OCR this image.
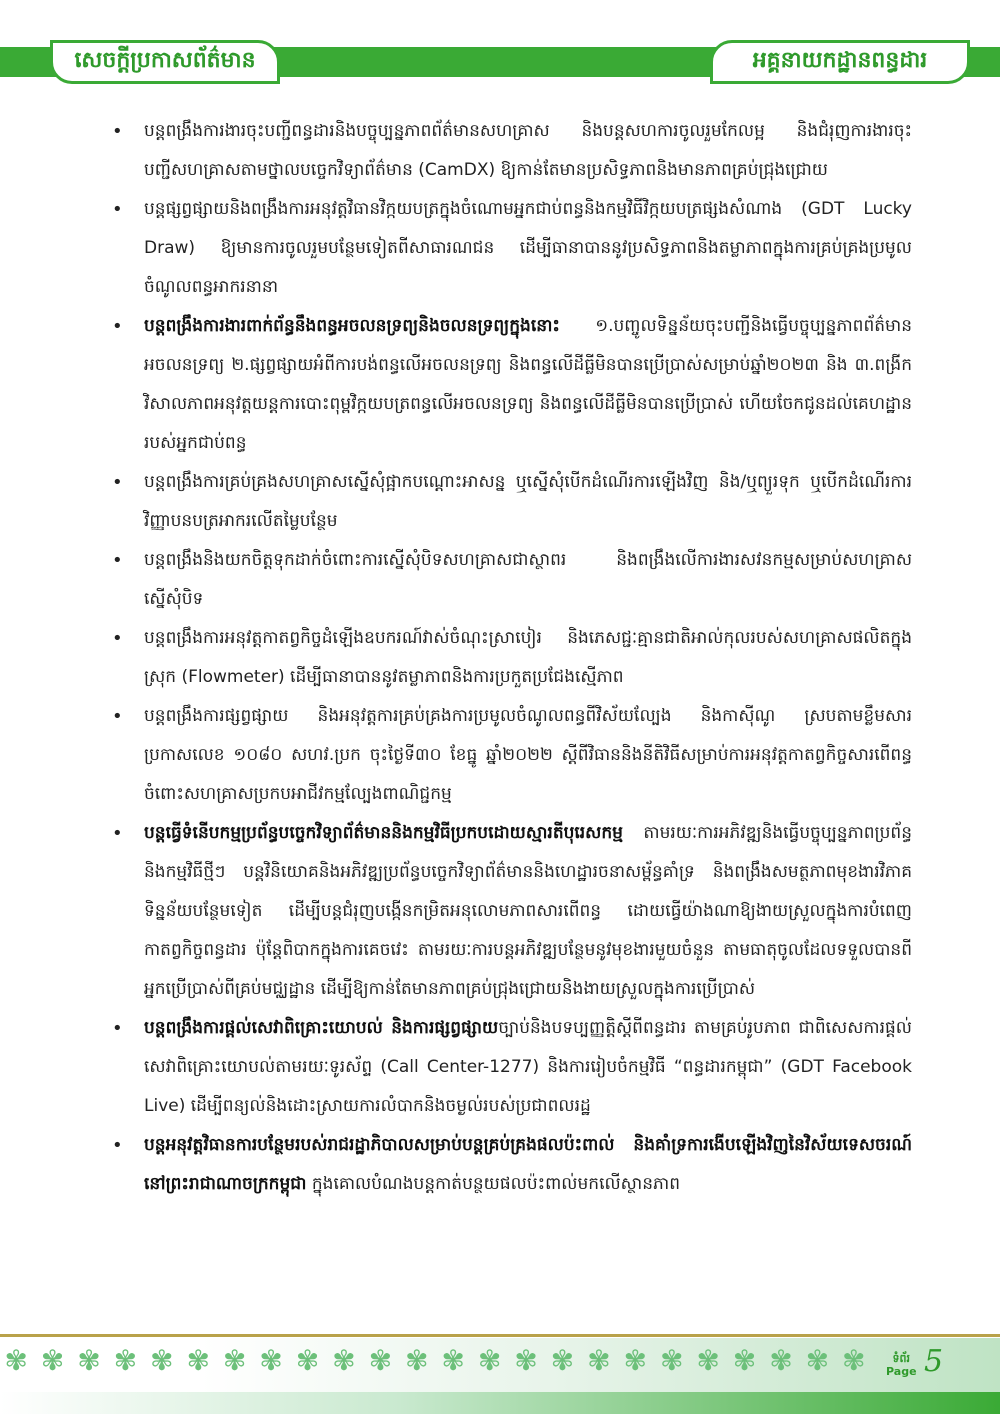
សេចក្តីប្រកាសព័ត៌មាន	អគ្គនាយកដ្ឋានពន្ធដារ
• បន្តពង្រឹងការងារចុះបញ្ជីពន្ធដារនិងបច្ចុប្បន្នភាពព័ត៌មានសហគ្រាស និងបន្តសហការចូលរួមកែលម្អ និងជំរុញការងារចុះបញ្ជីសហគ្រាសតាមថ្នាលបច្ចេកវិទ្យាព័ត៌មាន (CamDX) ឱ្យកាន់តែមានប្រសិទ្ធភាពនិងមានភាពគ្រប់ជ្រុងជ្រោយ
• បន្តផ្សព្វផ្សាយនិងពង្រឹងការអនុវត្តវិធានវិក្កយបត្រក្នុងចំណោមអ្នកជាប់ពន្ធនិងកម្មវិធីវិក្កយបត្រផ្សងសំណាង (GDT Lucky Draw) ឱ្យមានការចូលរួមបន្ថែមទៀតពីសាធារណជន ដើម្បីធានាបាននូវប្រសិទ្ធភាពនិងតម្លាភាពក្នុងការគ្រប់គ្រងប្រមូលចំណូលពន្ធអាករនានា
• បន្តពង្រឹងការងារពាក់ព័ន្ធនឹងពន្ធអចលនទ្រព្យនិងចលនទ្រព្យក្នុងនោះ ១.បញ្ចូលទិន្នន័យចុះបញ្ជីនិងធ្វើបច្ចុប្បន្នភាពព័ត៌មានអចលនទ្រព្យ ២.ផ្សព្វផ្សាយអំពីការបង់ពន្ធលើអចលនទ្រព្យ និងពន្ធលើដីធ្លីមិនបានប្រើប្រាស់សម្រាប់ឆ្នាំ២០២៣ និង ៣.ពង្រីកវិសាលភាពអនុវត្តយន្តការបោះពុម្ពវិក្កយបត្រពន្ធលើអចលនទ្រព្យ និងពន្ធលើដីធ្លីមិនបានប្រើប្រាស់ ហើយចែកជូនដល់គេហដ្ឋានរបស់អ្នកជាប់ពន្ធ
• បន្តពង្រឹងការគ្រប់គ្រងសហគ្រាសស្នើសុំផ្អាកបណ្តោះអាសន្ន ឬស្នើសុំបើកដំណើរការឡើងវិញ និង/ឬព្យួរទុក ឬបើកដំណើរការវិញ្ញាបនបត្រអាករលើតម្លៃបន្ថែម
• បន្តពង្រឹងនិងយកចិត្តទុកដាក់ចំពោះការស្នើសុំបិទសហគ្រាសជាស្ថាពរ និងពង្រឹងលើការងារសវនកម្មសម្រាប់សហគ្រាសស្នើសុំបិទ
• បន្តពង្រឹងការអនុវត្តកាតព្វកិច្ចដំឡើងឧបករណ៍វាស់ចំណុះស្រាបៀរ និងភេសជ្ជៈគ្មានជាតិអាល់កុលរបស់សហគ្រាសផលិតក្នុងស្រុក (Flowmeter) ដើម្បីធានាបាននូវតម្លាភាពនិងការប្រកួតប្រជែងស្មើភាព
• បន្តពង្រឹងការផ្សព្វផ្សាយ និងអនុវត្តការគ្រប់គ្រងការប្រមូលចំណូលពន្ធពីវិស័យល្បែង និងកាស៊ីណូ ស្របតាមខ្លឹមសារប្រកាសលេខ ១០៨០ សហវ.ប្រក ចុះថ្ងៃទី៣០ ខែធ្នូ ឆ្នាំ២០២២ ស្តីពីវិធាននិងនីតិវិធីសម្រាប់ការអនុវត្តកាតព្វកិច្ចសារពើពន្ធចំពោះសហគ្រាសប្រកបអាជីវកម្មល្បែងពាណិជ្ជកម្ម
• បន្តធ្វើទំនើបកម្មប្រព័ន្ធបច្ចេកវិទ្យាព័ត៌មាននិងកម្មវិធីប្រកបដោយស្មារតីបុរេសកម្ម តាមរយៈការអភិវឌ្ឍនិងធ្វើបច្ចុប្បន្នភាពប្រព័ន្ធនិងកម្មវិធីថ្មីៗ បន្តវិនិយោគនិងអភិវឌ្ឍប្រព័ន្ធបច្ចេកវិទ្យាព័ត៌មាននិងហេដ្ឋារចនាសម្ព័ន្ធគាំទ្រ និងពង្រឹងសមត្ថភាពមុខងារវិភាគទិន្នន័យបន្ថែមទៀត ដើម្បីបន្តជំរុញបង្កើនកម្រិតអនុលោមភាពសារពើពន្ធ ដោយធ្វើយ៉ាងណាឱ្យងាយស្រួលក្នុងការបំពេញកាតព្វកិច្ចពន្ធដារ ប៉ុន្តែពិបាកក្នុងការគេចវេះ តាមរយៈការបន្តអភិវឌ្ឍបន្ថែមនូវមុខងារមួយចំនួន តាមធាតុចូលដែលទទួលបានពីអ្នកប្រើប្រាស់ពីគ្រប់មជ្ឈដ្ឋាន ដើម្បីឱ្យកាន់តែមានភាពគ្រប់ជ្រុងជ្រោយនិងងាយស្រួលក្នុងការប្រើប្រាស់
• បន្តពង្រឹងការផ្តល់សេវាពិគ្រោះយោបល់ និងការផ្សព្វផ្សាយច្បាប់និងបទប្បញ្ញត្តិស្តីពីពន្ធដារ តាមគ្រប់រូបភាព ជាពិសេសការផ្តល់សេវាពិគ្រោះយោបល់តាមរយៈទូរស័ព្ទ (Call Center-1277) និងការរៀបចំកម្មវិធី “ពន្ធដារកម្ពុជា” (GDT Facebook Live) ដើម្បីពន្យល់និងដោះស្រាយការលំបាកនិងចម្ងល់របស់ប្រជាពលរដ្ឋ
• បន្តអនុវត្តវិធានការបន្ថែមរបស់រាជរដ្ឋាភិបាលសម្រាប់បន្តគ្រប់គ្រងផលប៉ះពាល់ និងគាំទ្រការងើបឡើងវិញនៃវិស័យទេសចរណ៍នៅព្រះរាជាណាចក្រកម្ពុជា ក្នុងគោលបំណងបន្តកាត់បន្ថយផលប៉ះពាល់មកលើស្ថានភាព
✾ ✾ ✾ ✾ ✾ ✾ ✾ ✾ ✾ ✾ ✾ ✾ ✾ ✾ ✾ ✾ ✾ ✾ ✾ ✾ ✾ ✾ ✾ ✾	ទំព័រ
Page 5
